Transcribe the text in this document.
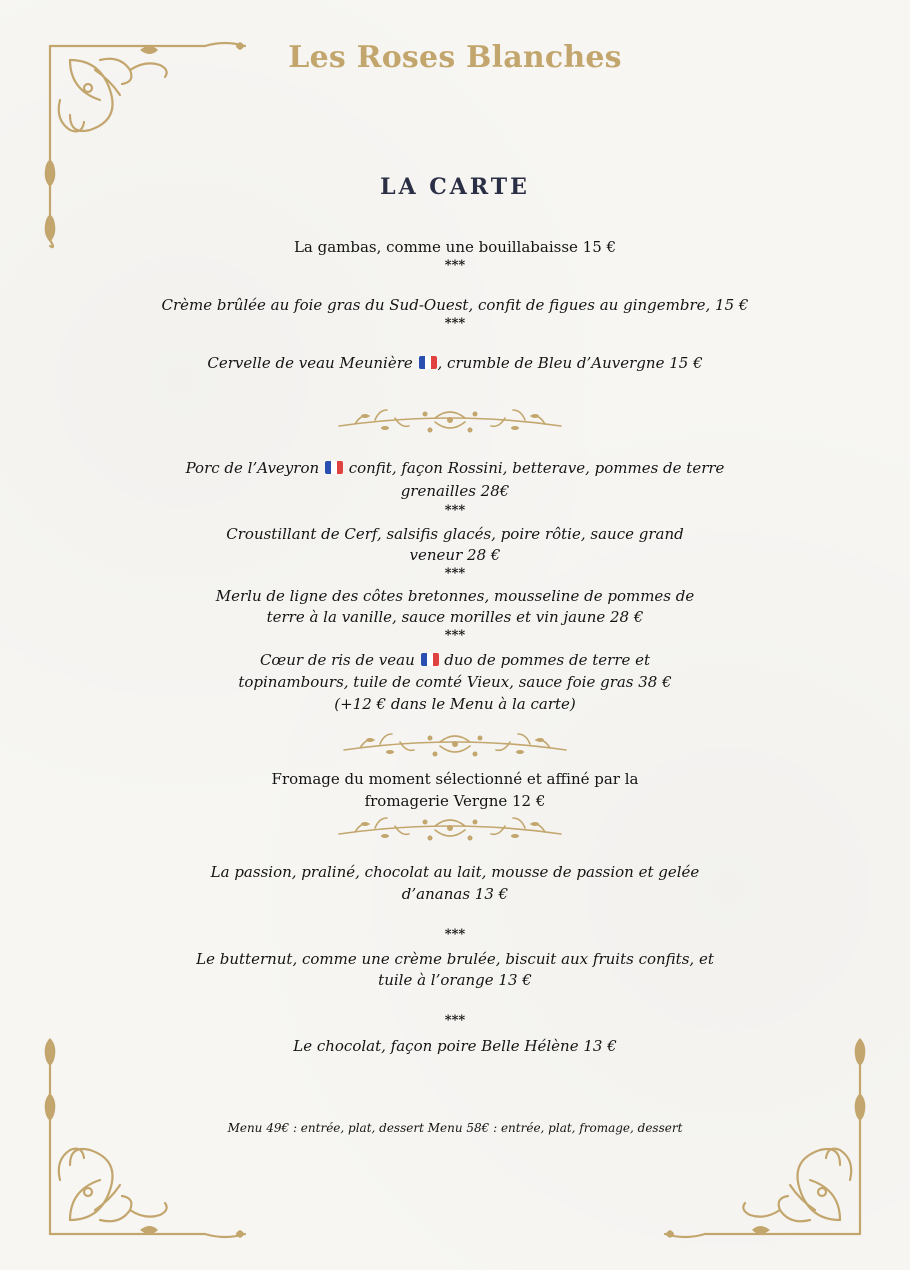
Les Roses Blanches
LA CARTE
La gambas, comme une bouillabaisse 15 €
***
Crème brûlée au foie gras du Sud-Ouest, confit de figues au gingembre, 15 €
***
Cervelle de veau Meunière
, crumble de Bleu d’Auvergne 15 €
Porc de l’Aveyron
confit, façon Rossini, betterave, pommes de terre
grenailles 28€
***
Croustillant de Cerf, salsifis glacés, poire rôtie, sauce grand
veneur 28 €
***
Merlu de ligne des côtes bretonnes, mousseline de pommes de
terre à la vanille, sauce morilles et vin jaune 28 €
***
Cœur de ris de veau
duo de pommes de terre et
topinambours, tuile de comté Vieux, sauce foie gras 38 €
(+12 € dans le Menu à la carte)
Fromage du moment sélectionné et affiné par la
fromagerie Vergne 12 €
La passion, praliné, chocolat au lait, mousse de passion et gelée
d’ananas 13 €
***
Le butternut, comme une crème brulée, biscuit aux fruits confits, et
tuile à l’orange 13 €
***
Le chocolat, façon poire Belle Hélène 13 €
Menu 49€ : entrée, plat, dessert Menu 58€ : entrée, plat, fromage, dessert
